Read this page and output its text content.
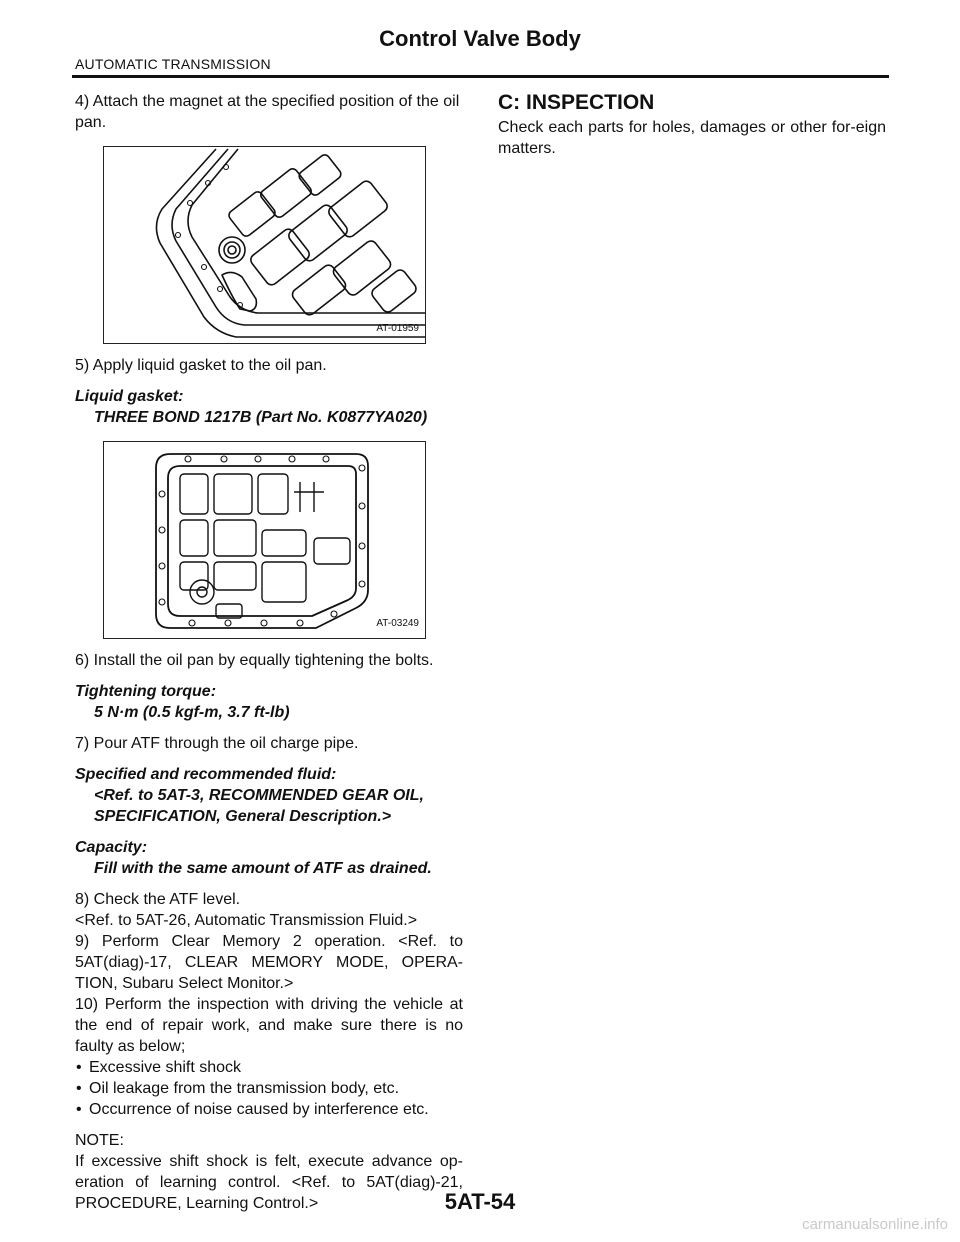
Control Valve Body
AUTOMATIC TRANSMISSION

4) Attach the magnet at the specified position of the oil pan.

AT-01959

5) Apply liquid gasket to the oil pan.

Liquid gasket:

THREE BOND 1217B (Part No. K0877YA020)

AT-03249

6) Install the oil pan by equally tightening the bolts.

Tightening torque:

5 N·m (0.5 kgf-m, 3.7 ft-lb)

7) Pour ATF through the oil charge pipe.

Specified and recommended fluid:

<Ref. to 5AT-3, RECOMMENDED GEAR OIL, SPECIFICATION, General Description.>

Capacity:

Fill with the same amount of ATF as drained.

8) Check the ATF level.

<Ref. to 5AT-26, Automatic Transmission Fluid.>

9) Perform Clear Memory 2 operation. <Ref. to 5AT(diag)-17, CLEAR MEMORY MODE, OPERA-TION, Subaru Select Monitor.>

10) Perform the inspection with driving the vehicle at the end of repair work, and make sure there is no faulty as below;

• Excessive shift shock
• Oil leakage from the transmission body, etc.
• Occurrence of noise caused by interference etc.

NOTE:

If excessive shift shock is felt, execute advance op-eration of learning control. <Ref. to 5AT(diag)-21, PROCEDURE, Learning Control.>

C: INSPECTION

Check each parts for holes, damages or other for-eign matters.

5AT-54
carmanualsonline.info
